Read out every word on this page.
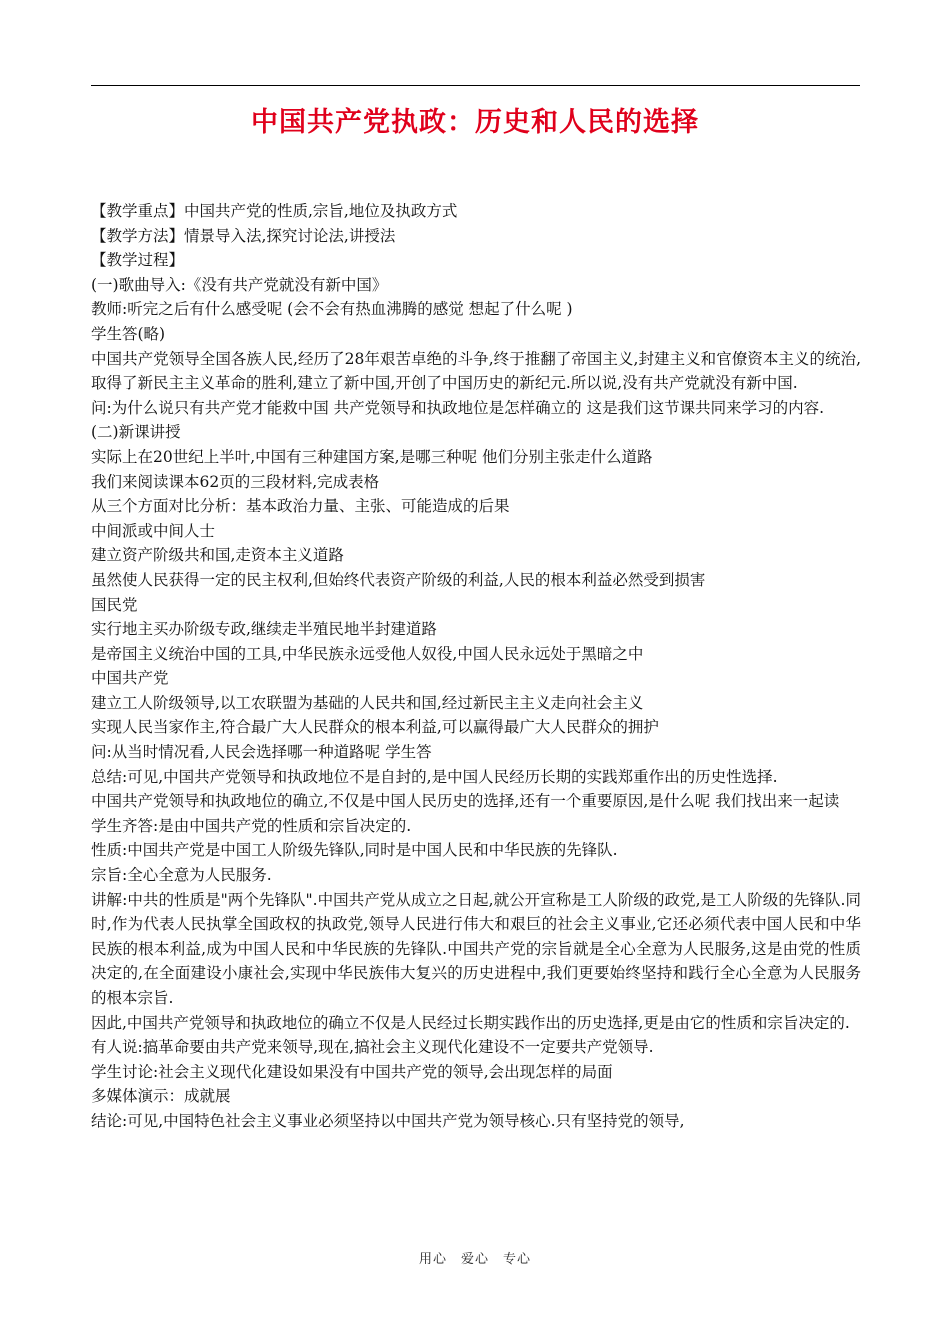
中国共产党执政：历史和人民的选择

【教学重点】中国共产党的性质,宗旨,地位及执政方式

【教学方法】情景导入法,探究讨论法,讲授法

【教学过程】

(一)歌曲导入:《没有共产党就没有新中国》

教师:听完之后有什么感受呢 (会不会有热血沸腾的感觉 想起了什么呢 )

学生答(略)

中国共产党领导全国各族人民,经历了28年艰苦卓绝的斗争,终于推翻了帝国主义,封建主义和官僚资本主义的统治,取得了新民主主义革命的胜利,建立了新中国,开创了中国历史的新纪元.所以说,没有共产党就没有新中国.

问:为什么说只有共产党才能救中国 共产党领导和执政地位是怎样确立的 这是我们这节课共同来学习的内容.

(二)新课讲授

实际上在20世纪上半叶,中国有三种建国方案,是哪三种呢 他们分别主张走什么道路

我们来阅读课本62页的三段材料,完成表格

从三个方面对比分析：基本政治力量、主张、可能造成的后果

中间派或中间人士

建立资产阶级共和国,走资本主义道路

虽然使人民获得一定的民主权利,但始终代表资产阶级的利益,人民的根本利益必然受到损害

国民党

实行地主买办阶级专政,继续走半殖民地半封建道路

是帝国主义统治中国的工具,中华民族永远受他人奴役,中国人民永远处于黑暗之中

中国共产党

建立工人阶级领导,以工农联盟为基础的人民共和国,经过新民主主义走向社会主义

实现人民当家作主,符合最广大人民群众的根本利益,可以赢得最广大人民群众的拥护

问:从当时情况看,人民会选择哪一种道路呢 学生答

总结:可见,中国共产党领导和执政地位不是自封的,是中国人民经历长期的实践郑重作出的历史性选择.

中国共产党领导和执政地位的确立,不仅是中国人民历史的选择,还有一个重要原因,是什么呢 我们找出来一起读

学生齐答:是由中国共产党的性质和宗旨决定的.

性质:中国共产党是中国工人阶级先锋队,同时是中国人民和中华民族的先锋队.

宗旨:全心全意为人民服务.

讲解:中共的性质是"两个先锋队".中国共产党从成立之日起,就公开宣称是工人阶级的政党,是工人阶级的先锋队.同时,作为代表人民执掌全国政权的执政党,领导人民进行伟大和艰巨的社会主义事业,它还必须代表中国人民和中华民族的根本利益,成为中国人民和中华民族的先锋队.中国共产党的宗旨就是全心全意为人民服务,这是由党的性质决定的,在全面建设小康社会,实现中华民族伟大复兴的历史进程中,我们更要始终坚持和践行全心全意为人民服务的根本宗旨.

因此,中国共产党领导和执政地位的确立不仅是人民经过长期实践作出的历史选择,更是由它的性质和宗旨决定的.

有人说:搞革命要由共产党来领导,现在,搞社会主义现代化建设不一定要共产党领导.

学生讨论:社会主义现代化建设如果没有中国共产党的领导,会出现怎样的局面

多媒体演示：成就展

结论:可见,中国特色社会主义事业必须坚持以中国共产党为领导核心.只有坚持党的领导,

用心　爱心　专心
